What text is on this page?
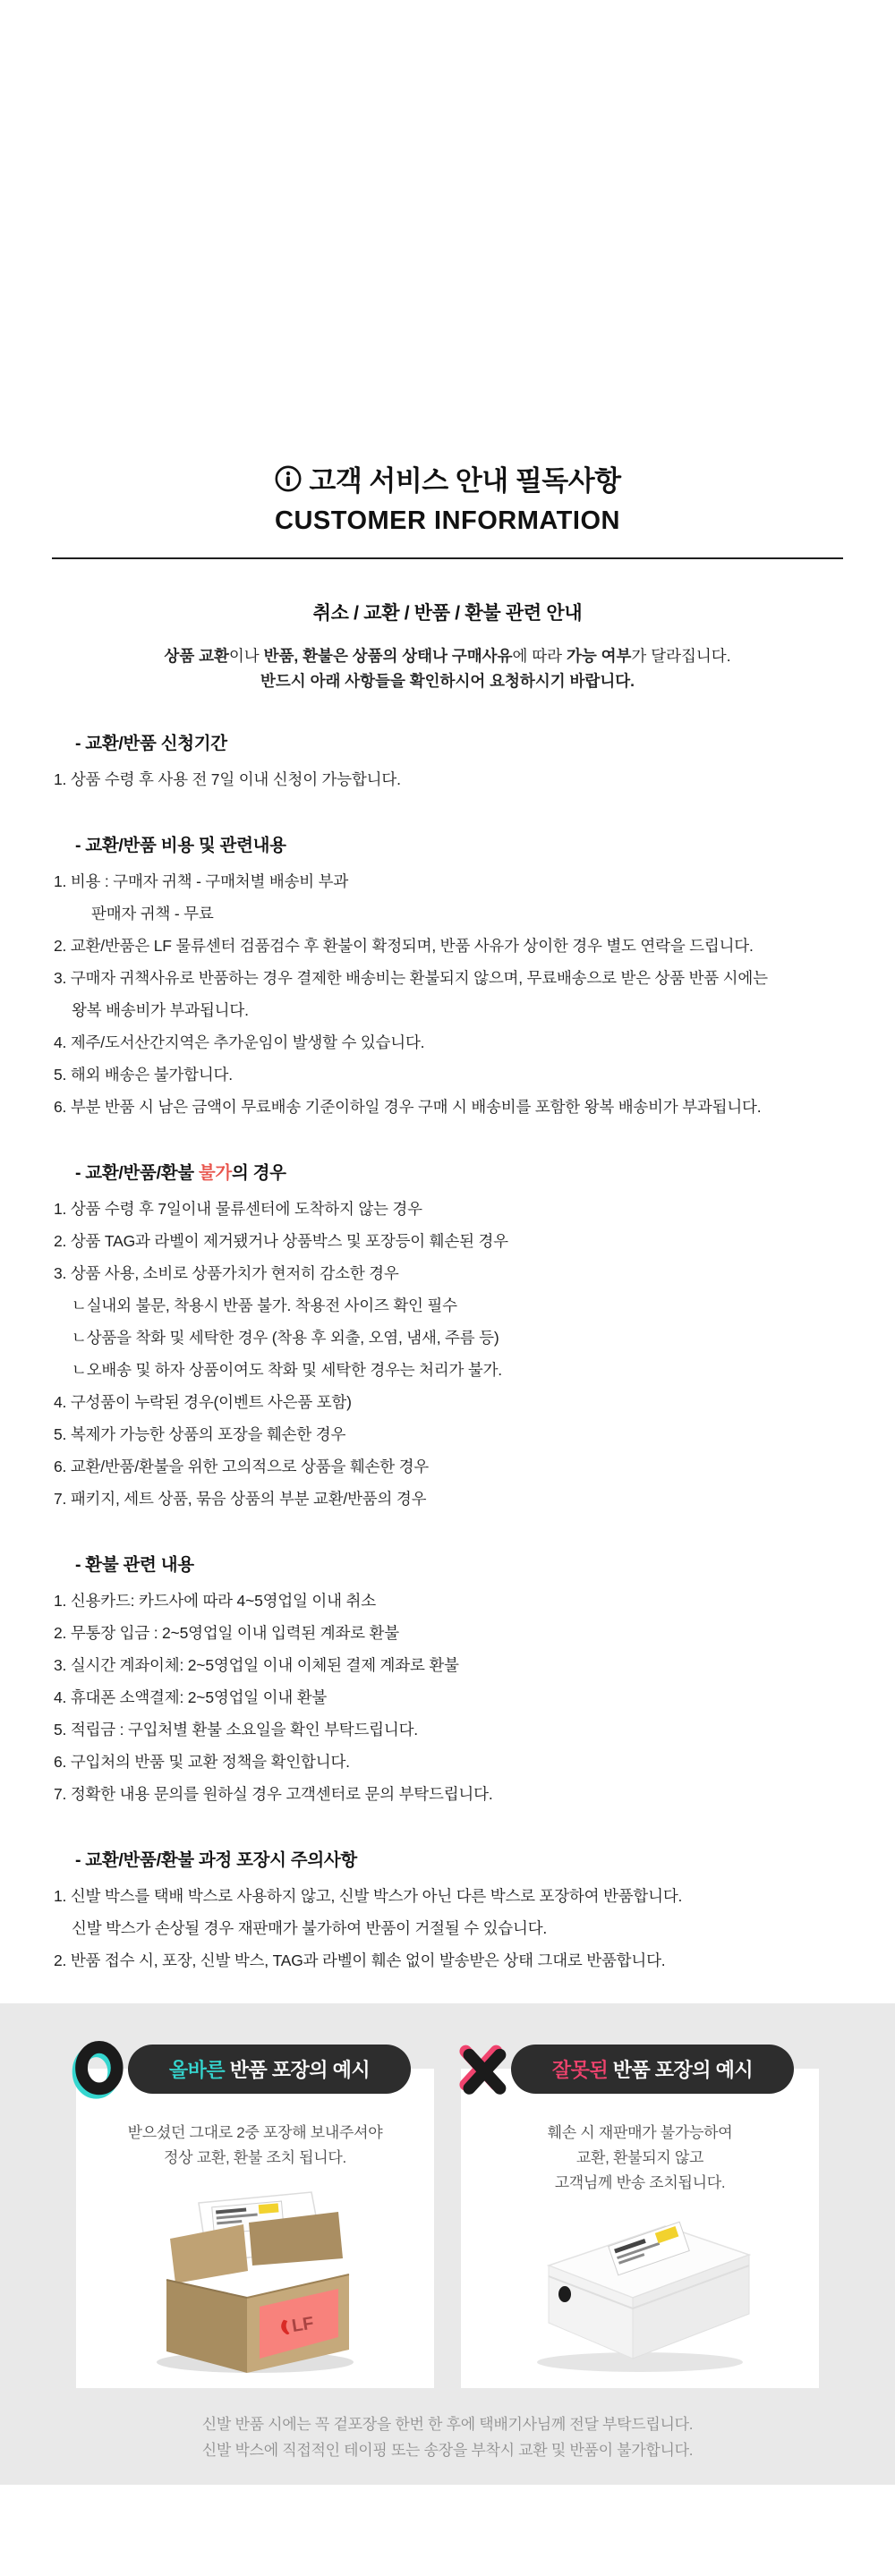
고객 서비스 안내 필독사항
CUSTOMER INFORMATION
취소 / 교환 / 반품 / 환불 관련 안내
상품 교환이나 반품, 환불은 상품의 상태나 구매사유에 따라 가능 여부가 달라집니다.
반드시 아래 사항들을 확인하시어 요청하시기 바랍니다.
- 교환/반품 신청기간
1. 상품 수령 후 사용 전 7일 이내 신청이 가능합니다.
- 교환/반품 비용 및 관련내용
1. 비용 : 구매자 귀책 - 구매처별 배송비 부과
판매자 귀책 - 무료
2. 교환/반품은 LF 물류센터 검품검수 후 환불이 확정되며, 반품 사유가 상이한 경우 별도 연락을 드립니다.
3. 구매자 귀책사유로 반품하는 경우 결제한 배송비는 환불되지 않으며, 무료배송으로 받은 상품 반품 시에는
왕복 배송비가 부과됩니다.
4. 제주/도서산간지역은 추가운임이 발생할 수 있습니다.
5. 해외 배송은 불가합니다.
6. 부분 반품 시 남은 금액이 무료배송 기준이하일 경우 구매 시 배송비를 포함한 왕복 배송비가 부과됩니다.
- 교환/반품/환불 불가의 경우
1. 상품 수령 후 7일이내 물류센터에 도착하지 않는 경우
2. 상품 TAG과 라벨이 제거됐거나 상품박스 및 포장등이 훼손된 경우
3. 상품 사용, 소비로 상품가치가 현저히 감소한 경우
ㄴ실내외 불문, 착용시 반품 불가. 착용전 사이즈 확인 필수
ㄴ상품을 착화 및 세탁한 경우 (착용 후 외출, 오염, 냄새, 주름 등)
ㄴ오배송 및 하자 상품이여도 착화 및 세탁한 경우는 처리가 불가.
4. 구성품이 누락된 경우(이벤트 사은품 포함)
5. 복제가 가능한 상품의 포장을 훼손한 경우
6. 교환/반품/환불을 위한 고의적으로 상품을 훼손한 경우
7. 패키지, 세트 상품, 묶음 상품의 부분 교환/반품의 경우
- 환불 관련 내용
1. 신용카드: 카드사에 따라 4~5영업일 이내 취소
2. 무통장 입금 : 2~5영업일 이내 입력된 계좌로 환불
3. 실시간 계좌이체: 2~5영업일 이내 이체된 결제 계좌로 환불
4. 휴대폰 소액결제: 2~5영업일 이내 환불
5. 적립금 : 구입처별 환불 소요일을 확인 부탁드립니다.
6. 구입처의 반품 및 교환 정책을 확인합니다.
7. 정확한 내용 문의를 원하실 경우 고객센터로 문의 부탁드립니다.
- 교환/반품/환불 과정 포장시 주의사항
1. 신발 박스를 택배 박스로 사용하지 않고, 신발 박스가 아닌 다른 박스로 포장하여 반품합니다.
신발 박스가 손상될 경우 재판매가 불가하여 반품이 거절될 수 있습니다.
2. 반품 접수 시, 포장, 신발 박스, TAG과 라벨이 훼손 없이 발송받은 상태 그대로 반품합니다.
올바른 반품 포장의 예시
받으셨던 그대로 2중 포장해 보내주셔야
정상 교환, 환불 조치 됩니다.
LF
잘못된 반품 포장의 예시
훼손 시 재판매가 불가능하여
교환, 환불되지 않고
고객님께 반송 조치됩니다.
신발 반품 시에는 꼭 겉포장을 한번 한 후에 택배기사님께 전달 부탁드립니다.
신발 박스에 직접적인 테이핑 또는 송장을 부착시 교환 및 반품이 불가합니다.
